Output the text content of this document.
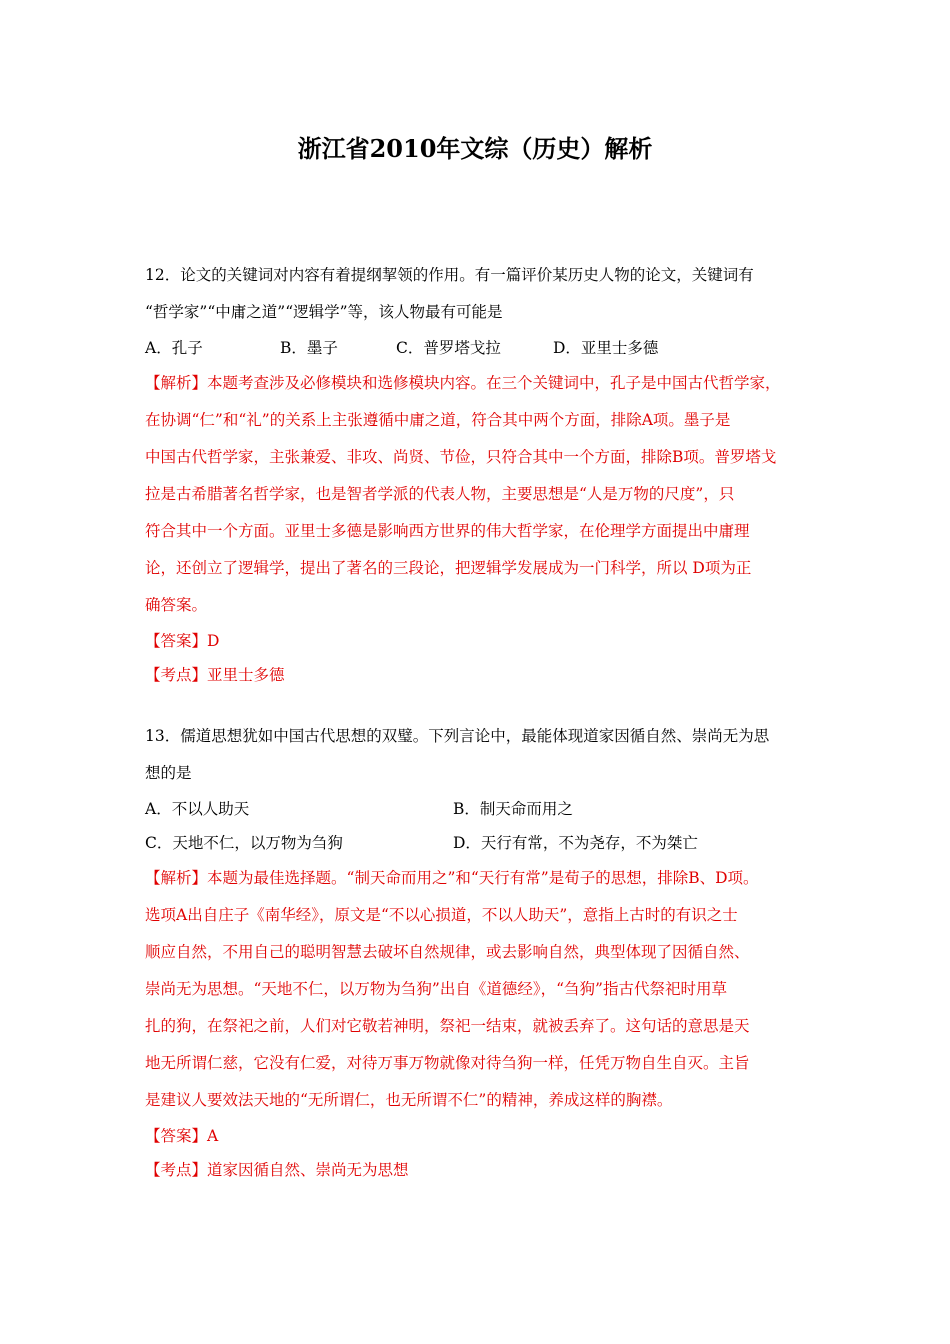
浙江省2010年文综（历史）解析
12．论文的关键词对内容有着提纲挈领的作用。有一篇评价某历史人物的论文，关键词有
“哲学家”“中庸之道”“逻辑学”等，该人物最有可能是
A．孔子	B．墨子	C．普罗塔戈拉	D．亚里士多德
【解析】本题考查涉及必修模块和选修模块内容。在三个关键词中，孔子是中国古代哲学家，
在协调“仁”和“礼”的关系上主张遵循中庸之道，符合其中两个方面，排除A项。墨子是
中国古代哲学家，主张兼爱、非攻、尚贤、节俭，只符合其中一个方面，排除B项。普罗塔戈
拉是古希腊著名哲学家，也是智者学派的代表人物，主要思想是“人是万物的尺度”，只
符合其中一个方面。亚里士多德是影响西方世界的伟大哲学家，在伦理学方面提出中庸理
论，还创立了逻辑学，提出了著名的三段论，把逻辑学发展成为一门科学，所以 D项为正
确答案。
【答案】D
【考点】亚里士多德
13．儒道思想犹如中国古代思想的双璧。下列言论中，最能体现道家因循自然、崇尚无为思
想的是
A．不以人助天	B．制天命而用之
C．天地不仁，以万物为刍狗	D．天行有常，不为尧存，不为桀亡
【解析】本题为最佳选择题。“制天命而用之”和“天行有常”是荀子的思想，排除B、D项。
选项A出自庄子《南华经》，原文是“不以心损道，不以人助天”，意指上古时的有识之士
顺应自然，不用自己的聪明智慧去破坏自然规律，或去影响自然，典型体现了因循自然、
崇尚无为思想。“天地不仁，以万物为刍狗”出自《道德经》，“刍狗”指古代祭祀时用草
扎的狗，在祭祀之前，人们对它敬若神明，祭祀一结束，就被丢弃了。这句话的意思是天
地无所谓仁慈，它没有仁爱，对待万事万物就像对待刍狗一样，任凭万物自生自灭。主旨
是建议人要效法天地的“无所谓仁，也无所谓不仁”的精神，养成这样的胸襟。
【答案】A
【考点】道家因循自然、崇尚无为思想
